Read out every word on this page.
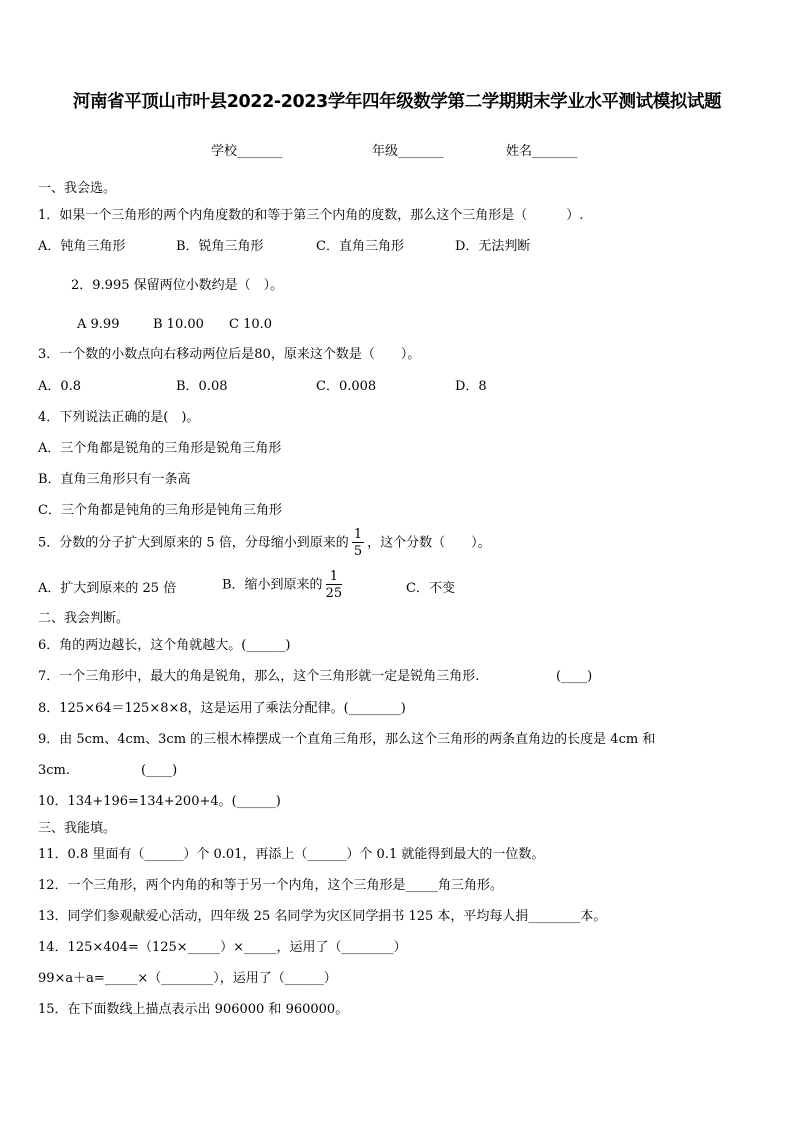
河南省平顶山市叶县2022-2023学年四年级数学第二学期期末学业水平测试模拟试题
学校_______	年级_______	姓名_______
一、我会选。
1．如果一个三角形的两个内角度数的和等于第三个内角的度数，那么这个三角形是（　　　）.
A．钝角三角形	B．锐角三角形	C．直角三角形	D．无法判断
2．9.995 保留两位小数约是（　）。
A 9.99	B 10.00 C 10.0
3．一个数的小数点向右移动两位后是80，原来这个数是（　　）。
A．0.8	B．0.08	C．0.008	D．8
4．下列说法正确的是(　)。
A．三个角都是锐角的三角形是锐角三角形
B．直角三角形只有一条高
C．三个角都是钝角的三角形是钝角三角形
5．分数的分子扩大到原来的 5 倍，分母缩小到原来的 $\frac{1}{5}$ ，这个分数（　　）。
A．扩大到原来的 25 倍	B．缩小到原来的 $\frac{1}{25}$	C．不变
二、我会判断。
6．角的两边越长，这个角就越大。(______)
7．一个三角形中，最大的角是锐角，那么，这个三角形就一定是锐角三角形.	(____)
8．125×64＝125×8×8，这是运用了乘法分配律。(________)
9．由 5cm、4cm、3cm 的三根木棒摆成一个直角三角形，那么这个三角形的两条直角边的长度是 4cm 和
3cm.	(____)
10．134+196=134+200+4。(______)
三、我能填。
11．0.8 里面有（______）个 0.01，再添上（______）个 0.1 就能得到最大的一位数。
12．一个三角形，两个内角的和等于另一个内角，这个三角形是_____角三角形。
13．同学们参观献爱心活动，四年级 25 名同学为灾区同学捐书 125 本，平均每人捐________本。
14．125×404=（125×_____）×_____，运用了（________）
99×a＋a=_____×（________），运用了（______）
15．在下面数线上描点表示出 906000 和 960000。
